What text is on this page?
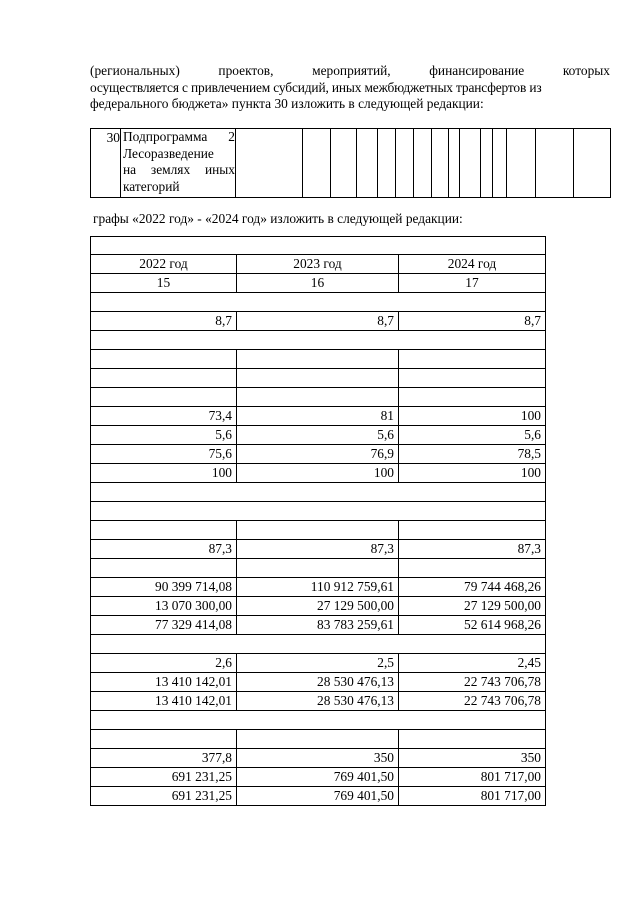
(региональных)	проектов,	мероприятий,	финансирование	которых
осуществляется с привлечением субсидий, иных межбюджетных трансфертов из
федерального бюджета» пункта 30 изложить в следующей редакции:
30 Подпрограмма 2
Лесоразведение
на землях иных
категорий
графы «2022 год» - «2024 год» изложить в следующей редакции:
2022 год	2023 год	2024 год
15	16	17
8,7	8,7	8,7
73,4	81	100
5,6	5,6	5,6
75,6	76,9	78,5
100	100	100
87,3	87,3	87,3
90 399 714,08	110 912 759,61	79 744 468,26
13 070 300,00	27 129 500,00	27 129 500,00
77 329 414,08	83 783 259,61	52 614 968,26
2,6	2,5	2,45
13 410 142,01	28 530 476,13	22 743 706,78
13 410 142,01	28 530 476,13	22 743 706,78
377,8	350	350
691 231,25	769 401,50	801 717,00
691 231,25	769 401,50	801 717,00
